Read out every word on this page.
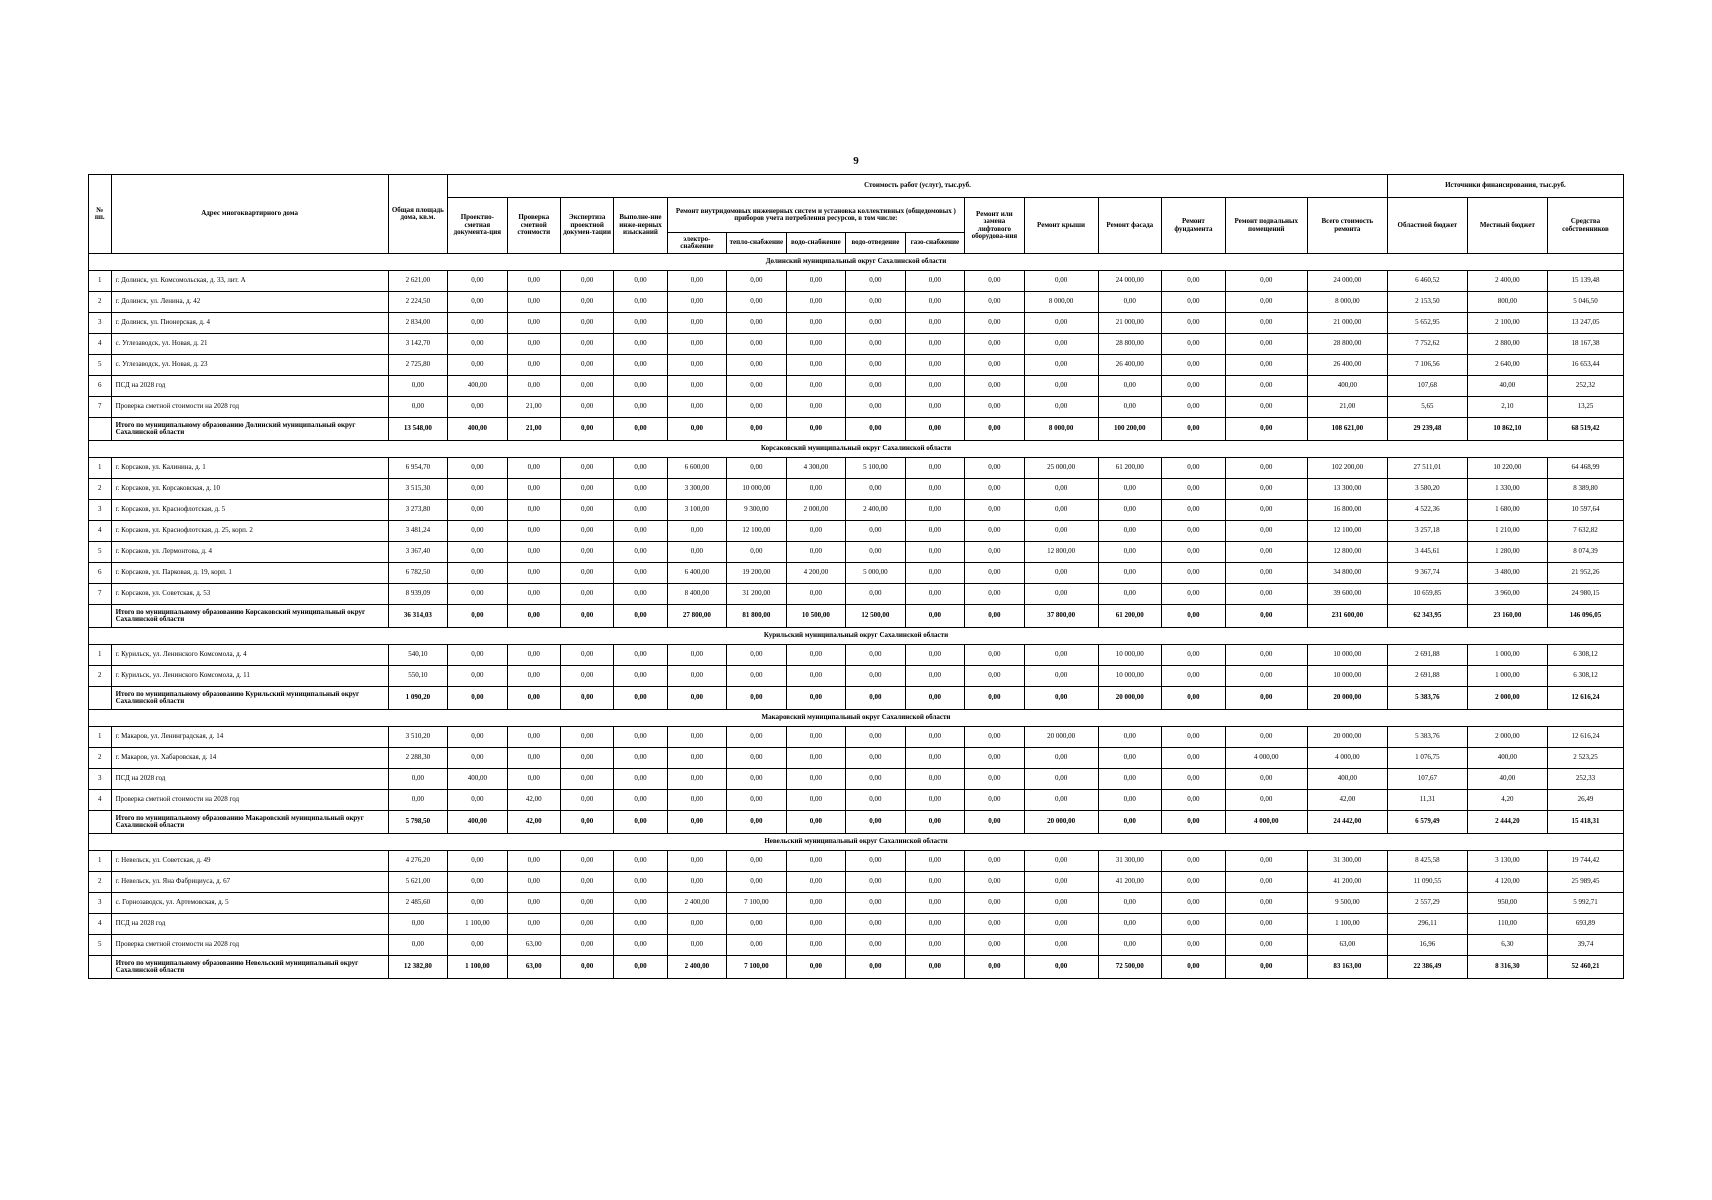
9
№ пп.	Адрес многоквартирного дома	Общая площадь дома, кв.м.	Стоимость работ (услуг), тыс.руб.															Источники финансирования, тыс.руб.		
			Проектно-сметная документа-ция	Проверка сметной стоимости	Экспертиза проектной докумен-тации	Выполне-ние инже-нерных изысканий	Ремонт внутридомовых инженерных систем и установка коллективных (общедомовых ) приборов учета потребления ресурсов, в том числе:					Ремонт или замена лифтового оборудова-ния	Ремонт крыши	Ремонт фасада	Ремонт фундамента	Ремонт подвальных помещений	Всего стоимость ремонта	Областной бюджет	Местный бюджет	Средства собственников
							электро-снабжение	тепло-снабжение	водо-снабжение	водо-отведение	газо-снабжение									
Долинский муниципальный округ Сахалинской области																				
1	г. Долинск, ул. Комсомольская, д. 33, лит. А	2 621,00	0,00	0,00	0,00	0,00	0,00	0,00	0,00	0,00	0,00	0,00	0,00	24 000,00	0,00	0,00	24 000,00	6 460,52	2 400,00	15 139,48
2	г. Долинск, ул. Ленина, д. 42	2 224,50	0,00	0,00	0,00	0,00	0,00	0,00	0,00	0,00	0,00	0,00	8 000,00	0,00	0,00	0,00	8 000,00	2 153,50	800,00	5 046,50
3	г. Долинск, ул. Пионерская, д. 4	2 834,00	0,00	0,00	0,00	0,00	0,00	0,00	0,00	0,00	0,00	0,00	0,00	21 000,00	0,00	0,00	21 000,00	5 652,95	2 100,00	13 247,05
4	с. Углезаводск, ул. Новая, д. 21	3 142,70	0,00	0,00	0,00	0,00	0,00	0,00	0,00	0,00	0,00	0,00	0,00	28 800,00	0,00	0,00	28 800,00	7 752,62	2 880,00	18 167,38
5	с. Углезаводск, ул. Новая, д. 23	2 725,80	0,00	0,00	0,00	0,00	0,00	0,00	0,00	0,00	0,00	0,00	0,00	26 400,00	0,00	0,00	26 400,00	7 106,56	2 640,00	16 653,44
6	ПСД на 2028 год	0,00	400,00	0,00	0,00	0,00	0,00	0,00	0,00	0,00	0,00	0,00	0,00	0,00	0,00	0,00	400,00	107,68	40,00	252,32
7	Проверка сметной стоимости на 2028 год	0,00	0,00	21,00	0,00	0,00	0,00	0,00	0,00	0,00	0,00	0,00	0,00	0,00	0,00	0,00	21,00	5,65	2,10	13,25
	Итого по муниципальному образованию Долинский муниципальный округ Сахалинской области	13 548,00	400,00	21,00	0,00	0,00	0,00	0,00	0,00	0,00	0,00	0,00	8 000,00	100 200,00	0,00	0,00	108 621,00	29 239,48	10 862,10	68 519,42
Корсаковский муниципальный округ Сахалинской области																				
1	г. Корсаков, ул. Калинина, д. 1	6 954,70	0,00	0,00	0,00	0,00	6 600,00	0,00	4 300,00	5 100,00	0,00	0,00	25 000,00	61 200,00	0,00	0,00	102 200,00	27 511,01	10 220,00	64 468,99
2	г. Корсаков, ул. Корсаковская, д. 10	3 515,30	0,00	0,00	0,00	0,00	3 300,00	10 000,00	0,00	0,00	0,00	0,00	0,00	0,00	0,00	0,00	13 300,00	3 580,20	1 330,00	8 389,80
3	г. Корсаков, ул. Краснофлотская, д. 5	3 273,80	0,00	0,00	0,00	0,00	3 100,00	9 300,00	2 000,00	2 400,00	0,00	0,00	0,00	0,00	0,00	0,00	16 800,00	4 522,36	1 680,00	10 597,64
4	г. Корсаков, ул. Краснофлотская, д. 25, корп. 2	3 481,24	0,00	0,00	0,00	0,00	0,00	12 100,00	0,00	0,00	0,00	0,00	0,00	0,00	0,00	0,00	12 100,00	3 257,18	1 210,00	7 632,82
5	г. Корсаков, ул. Лермонтова, д. 4	3 367,40	0,00	0,00	0,00	0,00	0,00	0,00	0,00	0,00	0,00	0,00	12 800,00	0,00	0,00	0,00	12 800,00	3 445,61	1 280,00	8 074,39
6	г. Корсаков, ул. Парковая, д. 19, корп. 1	6 782,50	0,00	0,00	0,00	0,00	6 400,00	19 200,00	4 200,00	5 000,00	0,00	0,00	0,00	0,00	0,00	0,00	34 800,00	9 367,74	3 480,00	21 952,26
7	г. Корсаков, ул. Советская, д. 53	8 939,09	0,00	0,00	0,00	0,00	8 400,00	31 200,00	0,00	0,00	0,00	0,00	0,00	0,00	0,00	0,00	39 600,00	10 659,85	3 960,00	24 980,15
	Итого по муниципальному образованию Корсаковский муниципальный округ Сахалинской области	36 314,03	0,00	0,00	0,00	0,00	27 800,00	81 800,00	10 500,00	12 500,00	0,00	0,00	37 800,00	61 200,00	0,00	0,00	231 600,00	62 343,95	23 160,00	146 096,05
Курильский муниципальный округ Сахалинской области																				
1	г. Курильск, ул. Ленинского Комсомола, д. 4	540,10	0,00	0,00	0,00	0,00	0,00	0,00	0,00	0,00	0,00	0,00	0,00	10 000,00	0,00	0,00	10 000,00	2 691,88	1 000,00	6 308,12
2	г. Курильск, ул. Ленинского Комсомола, д. 11	550,10	0,00	0,00	0,00	0,00	0,00	0,00	0,00	0,00	0,00	0,00	0,00	10 000,00	0,00	0,00	10 000,00	2 691,88	1 000,00	6 308,12
	Итого по муниципальному образованию Курильский муниципальный округ Сахалинской области	1 090,20	0,00	0,00	0,00	0,00	0,00	0,00	0,00	0,00	0,00	0,00	0,00	20 000,00	0,00	0,00	20 000,00	5 383,76	2 000,00	12 616,24
Макаровский муниципальный округ Сахалинской области																				
1	г. Макаров, ул. Ленинградская, д. 14	3 510,20	0,00	0,00	0,00	0,00	0,00	0,00	0,00	0,00	0,00	0,00	20 000,00	0,00	0,00	0,00	20 000,00	5 383,76	2 000,00	12 616,24
2	г. Макаров, ул. Хабаровская, д. 14	2 288,30	0,00	0,00	0,00	0,00	0,00	0,00	0,00	0,00	0,00	0,00	0,00	0,00	0,00	4 000,00	4 000,00	1 076,75	400,00	2 523,25
3	ПСД на 2028 год	0,00	400,00	0,00	0,00	0,00	0,00	0,00	0,00	0,00	0,00	0,00	0,00	0,00	0,00	0,00	400,00	107,67	40,00	252,33
4	Проверка сметной стоимости на 2028 год	0,00	0,00	42,00	0,00	0,00	0,00	0,00	0,00	0,00	0,00	0,00	0,00	0,00	0,00	0,00	42,00	11,31	4,20	26,49
	Итого по муниципальному образованию Макаровский муниципальный округ Сахалинской области	5 798,50	400,00	42,00	0,00	0,00	0,00	0,00	0,00	0,00	0,00	0,00	20 000,00	0,00	0,00	4 000,00	24 442,00	6 579,49	2 444,20	15 418,31
Невельский муниципальный округ Сахалинской области																				
1	г. Невельск, ул. Советская, д. 49	4 276,20	0,00	0,00	0,00	0,00	0,00	0,00	0,00	0,00	0,00	0,00	0,00	31 300,00	0,00	0,00	31 300,00	8 425,58	3 130,00	19 744,42
2	г. Невельск, ул. Яна Фабрициуса, д. 67	5 621,00	0,00	0,00	0,00	0,00	0,00	0,00	0,00	0,00	0,00	0,00	0,00	41 200,00	0,00	0,00	41 200,00	11 090,55	4 120,00	25 989,45
3	с. Горнозаводск, ул. Артемовская, д. 5	2 485,60	0,00	0,00	0,00	0,00	2 400,00	7 100,00	0,00	0,00	0,00	0,00	0,00	0,00	0,00	0,00	9 500,00	2 557,29	950,00	5 992,71
4	ПСД на 2028 год	0,00	1 100,00	0,00	0,00	0,00	0,00	0,00	0,00	0,00	0,00	0,00	0,00	0,00	0,00	0,00	1 100,00	296,11	110,00	693,89
5	Проверка сметной стоимости на 2028 год	0,00	0,00	63,00	0,00	0,00	0,00	0,00	0,00	0,00	0,00	0,00	0,00	0,00	0,00	0,00	63,00	16,96	6,30	39,74
	Итого по муниципальному образованию Невельский муниципальный округ Сахалинской области	12 382,80	1 100,00	63,00	0,00	0,00	2 400,00	7 100,00	0,00	0,00	0,00	0,00	0,00	72 500,00	0,00	0,00	83 163,00	22 386,49	8 316,30	52 460,21
